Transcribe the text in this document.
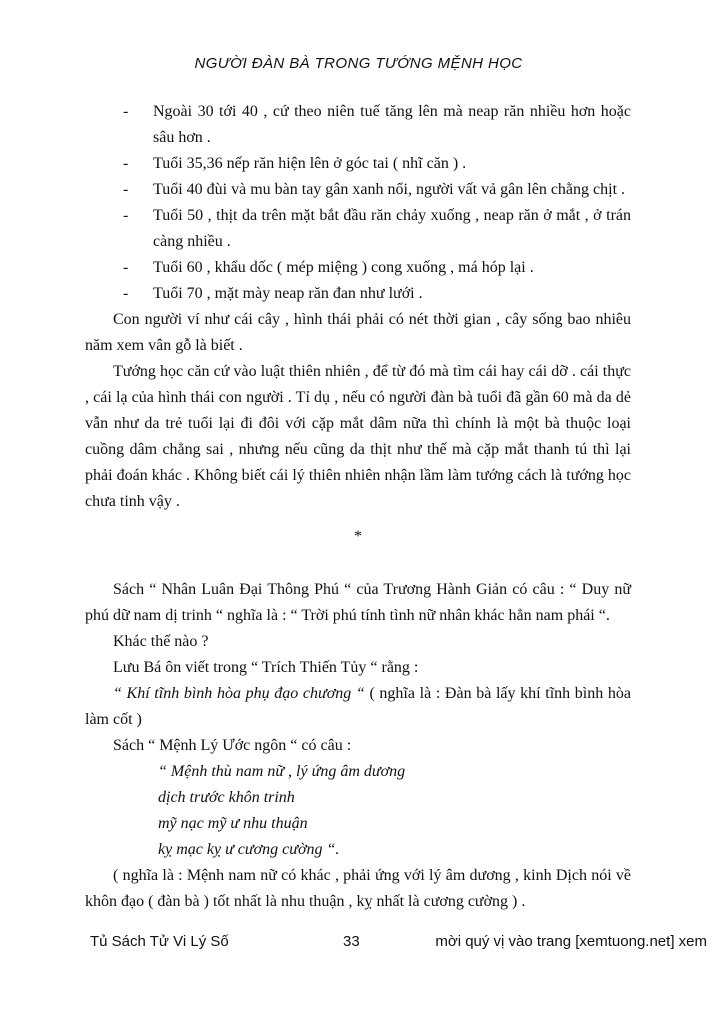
NGƯỜI ĐÀN BÀ TRONG TƯỚNG MỆNH HỌC
- Ngoài 30 tới 40 , cứ theo niên tuế tăng lên mà neap răn nhiều hơn hoặc sâu hơn .
- Tuổi 35,36 nếp răn hiện lên ở góc tai ( nhĩ căn ) .
- Tuổi 40 đùi và mu bàn tay gân xanh nổi, người vất vả gân lên chằng chịt .
- Tuổi 50 , thịt da trên mặt bắt đầu răn chảy xuống , neap răn ở mắt , ở trán càng nhiều .
- Tuổi 60 , khẩu dốc ( mép miệng ) cong xuống , má hóp lại .
- Tuổi 70 , mặt mày neap răn đan như lưới .

Con người ví như cái cây , hình thái phải có nét thời gian , cây sống bao nhiêu năm xem vân gỗ là biết .

Tướng học căn cứ vào luật thiên nhiên , để từ đó mà tìm cái hay cái dỡ . cái thực , cái lạ của hình thái con người . Tỉ dụ , nếu có người đàn bà tuổi đã gần 60 mà da dẻ vẫn như da trẻ tuổi lại đi đôi với cặp mắt dâm nữa thì chính là một bà thuộc loại cuồng dâm chẳng sai , nhưng nếu cũng da thịt như thế mà cặp mắt thanh tú thì lại phải đoán khác . Không biết cái lý thiên nhiên nhận lầm làm tướng cách là tướng học chưa tinh vậy .

*

Sách “ Nhân Luân Đại Thông Phú “ của Trương Hành Giản có câu : “ Duy nữ phú dữ nam dị trinh “ nghĩa là : “ Trời phú tính tình nữ nhân khác hẳn nam phái “.

Khác thế nào ?

Lưu Bá ôn viết trong “ Trích Thiến Tủy “ rằng :

“ Khí tĩnh bình hòa phụ đạo chương “ ( nghĩa là : Đàn bà lấy khí tĩnh bình hòa làm cốt )

Sách “ Mệnh Lý Ước ngôn “ có câu :

“ Mệnh thù nam nữ , lý ứng âm dương
dịch trước khôn trinh
mỹ nạc mỹ ư nhu thuận
kỵ mạc kỵ ư cương cường “.

( nghĩa là : Mệnh nam nữ có khác , phải ứng với lý âm dương , kinh Dịch nói về khôn đạo ( đàn bà ) tốt nhất là nhu thuận , kỵ nhất là cương cường ) .

Tủ Sách Tử Vi Lý Số	33	mời quý vị vào trang [xemtuong.net] xem
